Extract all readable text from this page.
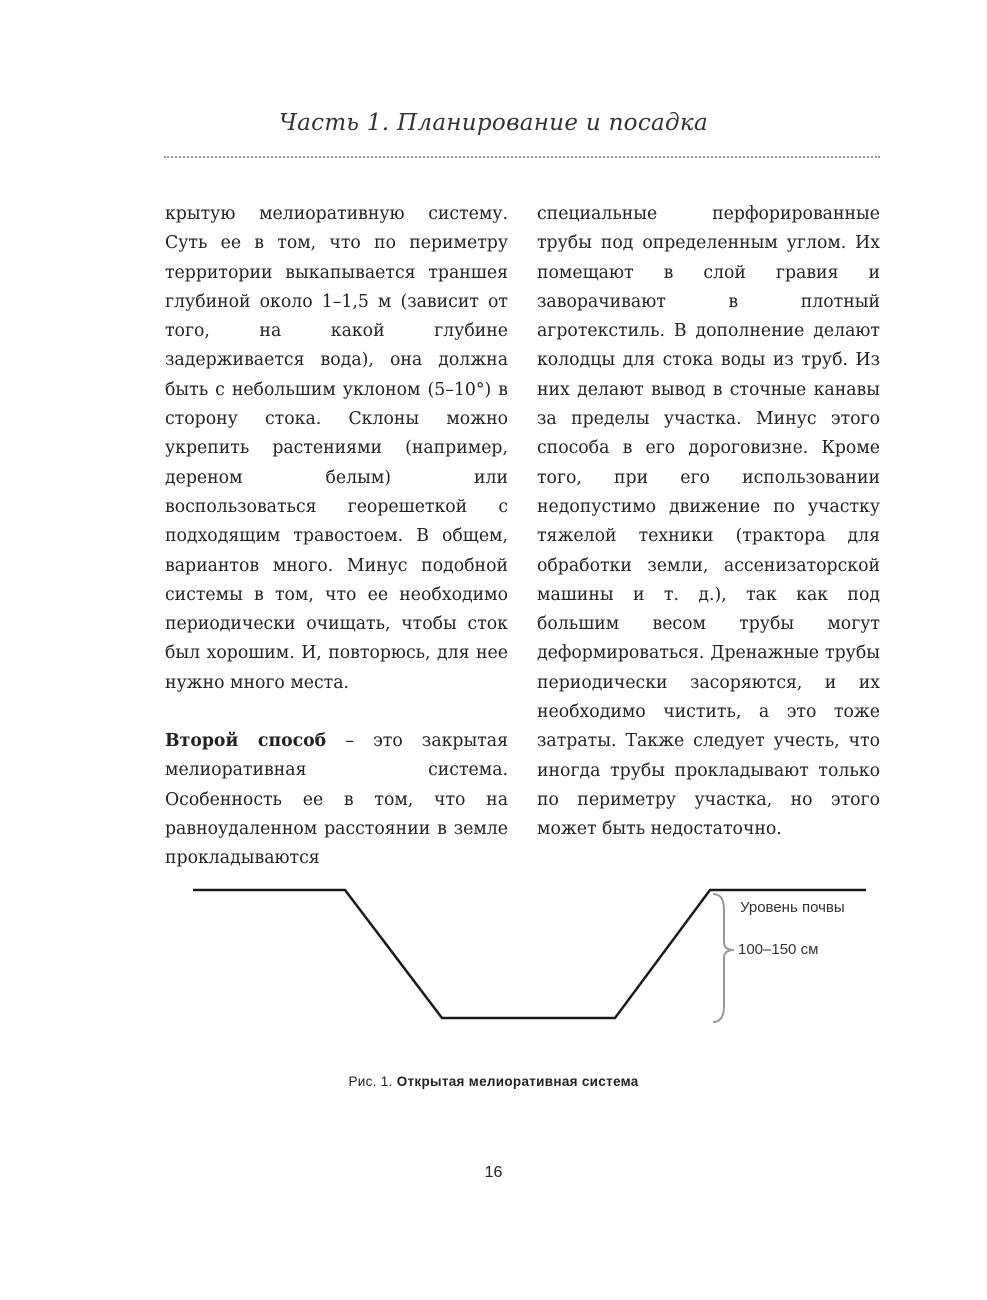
Часть 1. Планирование и посадка

крытую мелиоративную систему. Суть ее в том, что по периметру территории выкапывается траншея глубиной около 1–1,5 м (зависит от того, на какой глубине задерживается вода), она должна быть с небольшим уклоном (5–10°) в сторону стока. Склоны можно укрепить растениями (например, дереном белым) или воспользоваться георешеткой с подходящим травостоем. В общем, вариантов много. Минус подобной системы в том, что ее необходимо периодически очищать, чтобы сток был хорошим. И, повторюсь, для нее нужно много места.

Второй способ – это закрытая мелиоративная система. Особенность ее в том, что на равноудаленном расстоянии в земле прокладываются

специальные перфорированные трубы под определенным углом. Их помещают в слой гравия и заворачивают в плотный агротекстиль. В дополнение делают колодцы для стока воды из труб. Из них делают вывод в сточные канавы за пределы участка. Минус этого способа в его дороговизне. Кроме того, при его использовании недопустимо движение по участку тяжелой техники (трактора для обработки земли, ассенизаторской машины и т. д.), так как под большим весом трубы могут деформироваться. Дренажные трубы периодически засоряются, и их необходимо чистить, а это тоже затраты. Также следует учесть, что иногда трубы прокладывают только по периметру участка, но этого может быть недостаточно.

Уровень почвы
100–150 см
Рис. 1. Открытая мелиоративная система
16
